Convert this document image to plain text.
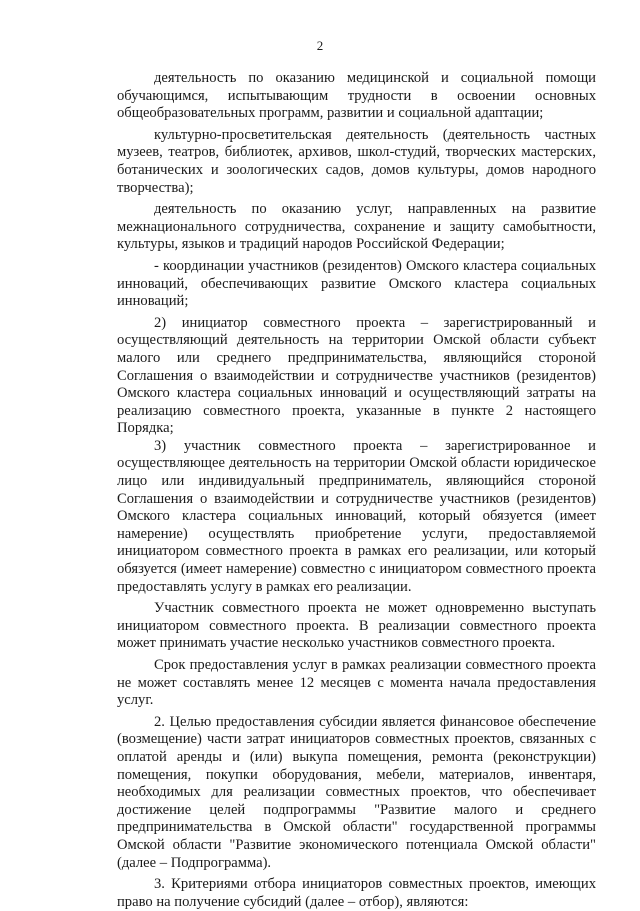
2

деятельность по оказанию медицинской и социальной помощи обучающимся, испытывающим трудности в освоении основных общеобразовательных программ, развитии и социальной адаптации;

культурно-просветительская деятельность (деятельность частных музеев, театров, библиотек, архивов, школ-студий, творческих мастерских, ботанических и зоологических садов, домов культуры, домов народного творчества);

деятельность по оказанию услуг, направленных на развитие межнационального сотрудничества, сохранение и защиту самобытности, культуры, языков и традиций народов Российской Федерации;

- координации участников (резидентов) Омского кластера социальных инноваций, обеспечивающих развитие Омского кластера социальных инноваций;

2) инициатор совместного проекта – зарегистрированный и осуществляющий деятельность на территории Омской области субъект малого или среднего предпринимательства, являющийся стороной Соглашения о взаимодействии и сотрудничестве участников (резидентов) Омского кластера социальных инноваций и осуществляющий затраты на реализацию совместного проекта, указанные в пункте 2 настоящего Порядка;

3) участник совместного проекта – зарегистрированное и осуществляющее деятельность на территории Омской области юридическое лицо или индивидуальный предприниматель, являющийся стороной Соглашения о взаимодействии и сотрудничестве участников (резидентов) Омского кластера социальных инноваций, который обязуется (имеет намерение) осуществлять приобретение услуги, предоставляемой инициатором совместного проекта в рамках его реализации, или который обязуется (имеет намерение) совместно с инициатором совместного проекта предоставлять услугу в рамках его реализации.

Участник совместного проекта не может одновременно выступать инициатором совместного проекта. В реализации совместного проекта может принимать участие несколько участников совместного проекта.

Срок предоставления услуг в рамках реализации совместного проекта не может составлять менее 12 месяцев с момента начала предоставления услуг.

2. Целью предоставления субсидии является финансовое обеспечение (возмещение) части затрат инициаторов совместных проектов, связанных с оплатой аренды и (или) выкупа помещения, ремонта (реконструкции) помещения, покупки оборудования, мебели, материалов, инвентаря, необходимых для реализации совместных проектов, что обеспечивает достижение целей подпрограммы "Развитие малого и среднего предпринимательства в Омской области" государственной программы Омской области "Развитие экономического потенциала Омской области" (далее – Подпрограмма).

3. Критериями отбора инициаторов совместных проектов, имеющих право на получение субсидий (далее – отбор), являются:
